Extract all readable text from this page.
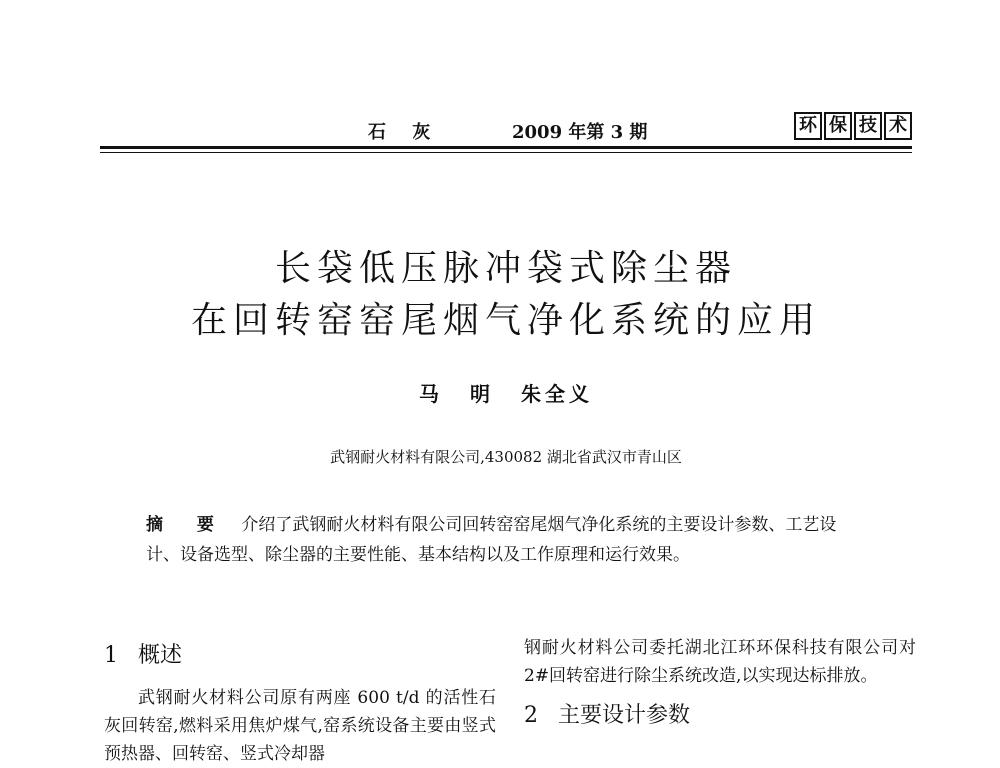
石 灰	2009 年第 3 期	环 保 技 术
长袋低压脉冲袋式除尘器
在回转窑窑尾烟气净化系统的应用
马 明 朱全义
武钢耐火材料有限公司,430082 湖北省武汉市青山区
摘 要 介绍了武钢耐火材料有限公司回转窑窑尾烟气净化系统的主要设计参数、工艺设计、设备选型、除尘器的主要性能、基本结构以及工作原理和运行效果。
1 概述
武钢耐火材料公司原有两座 600 t/d 的活性石灰回转窑,燃料采用焦炉煤气,窑系统设备主要由竖式预热器、回转窑、竖式冷却器
钢耐火材料公司委托湖北江环环保科技有限公司对 2#回转窑进行除尘系统改造,以实现达标排放。
2 主要设计参数
